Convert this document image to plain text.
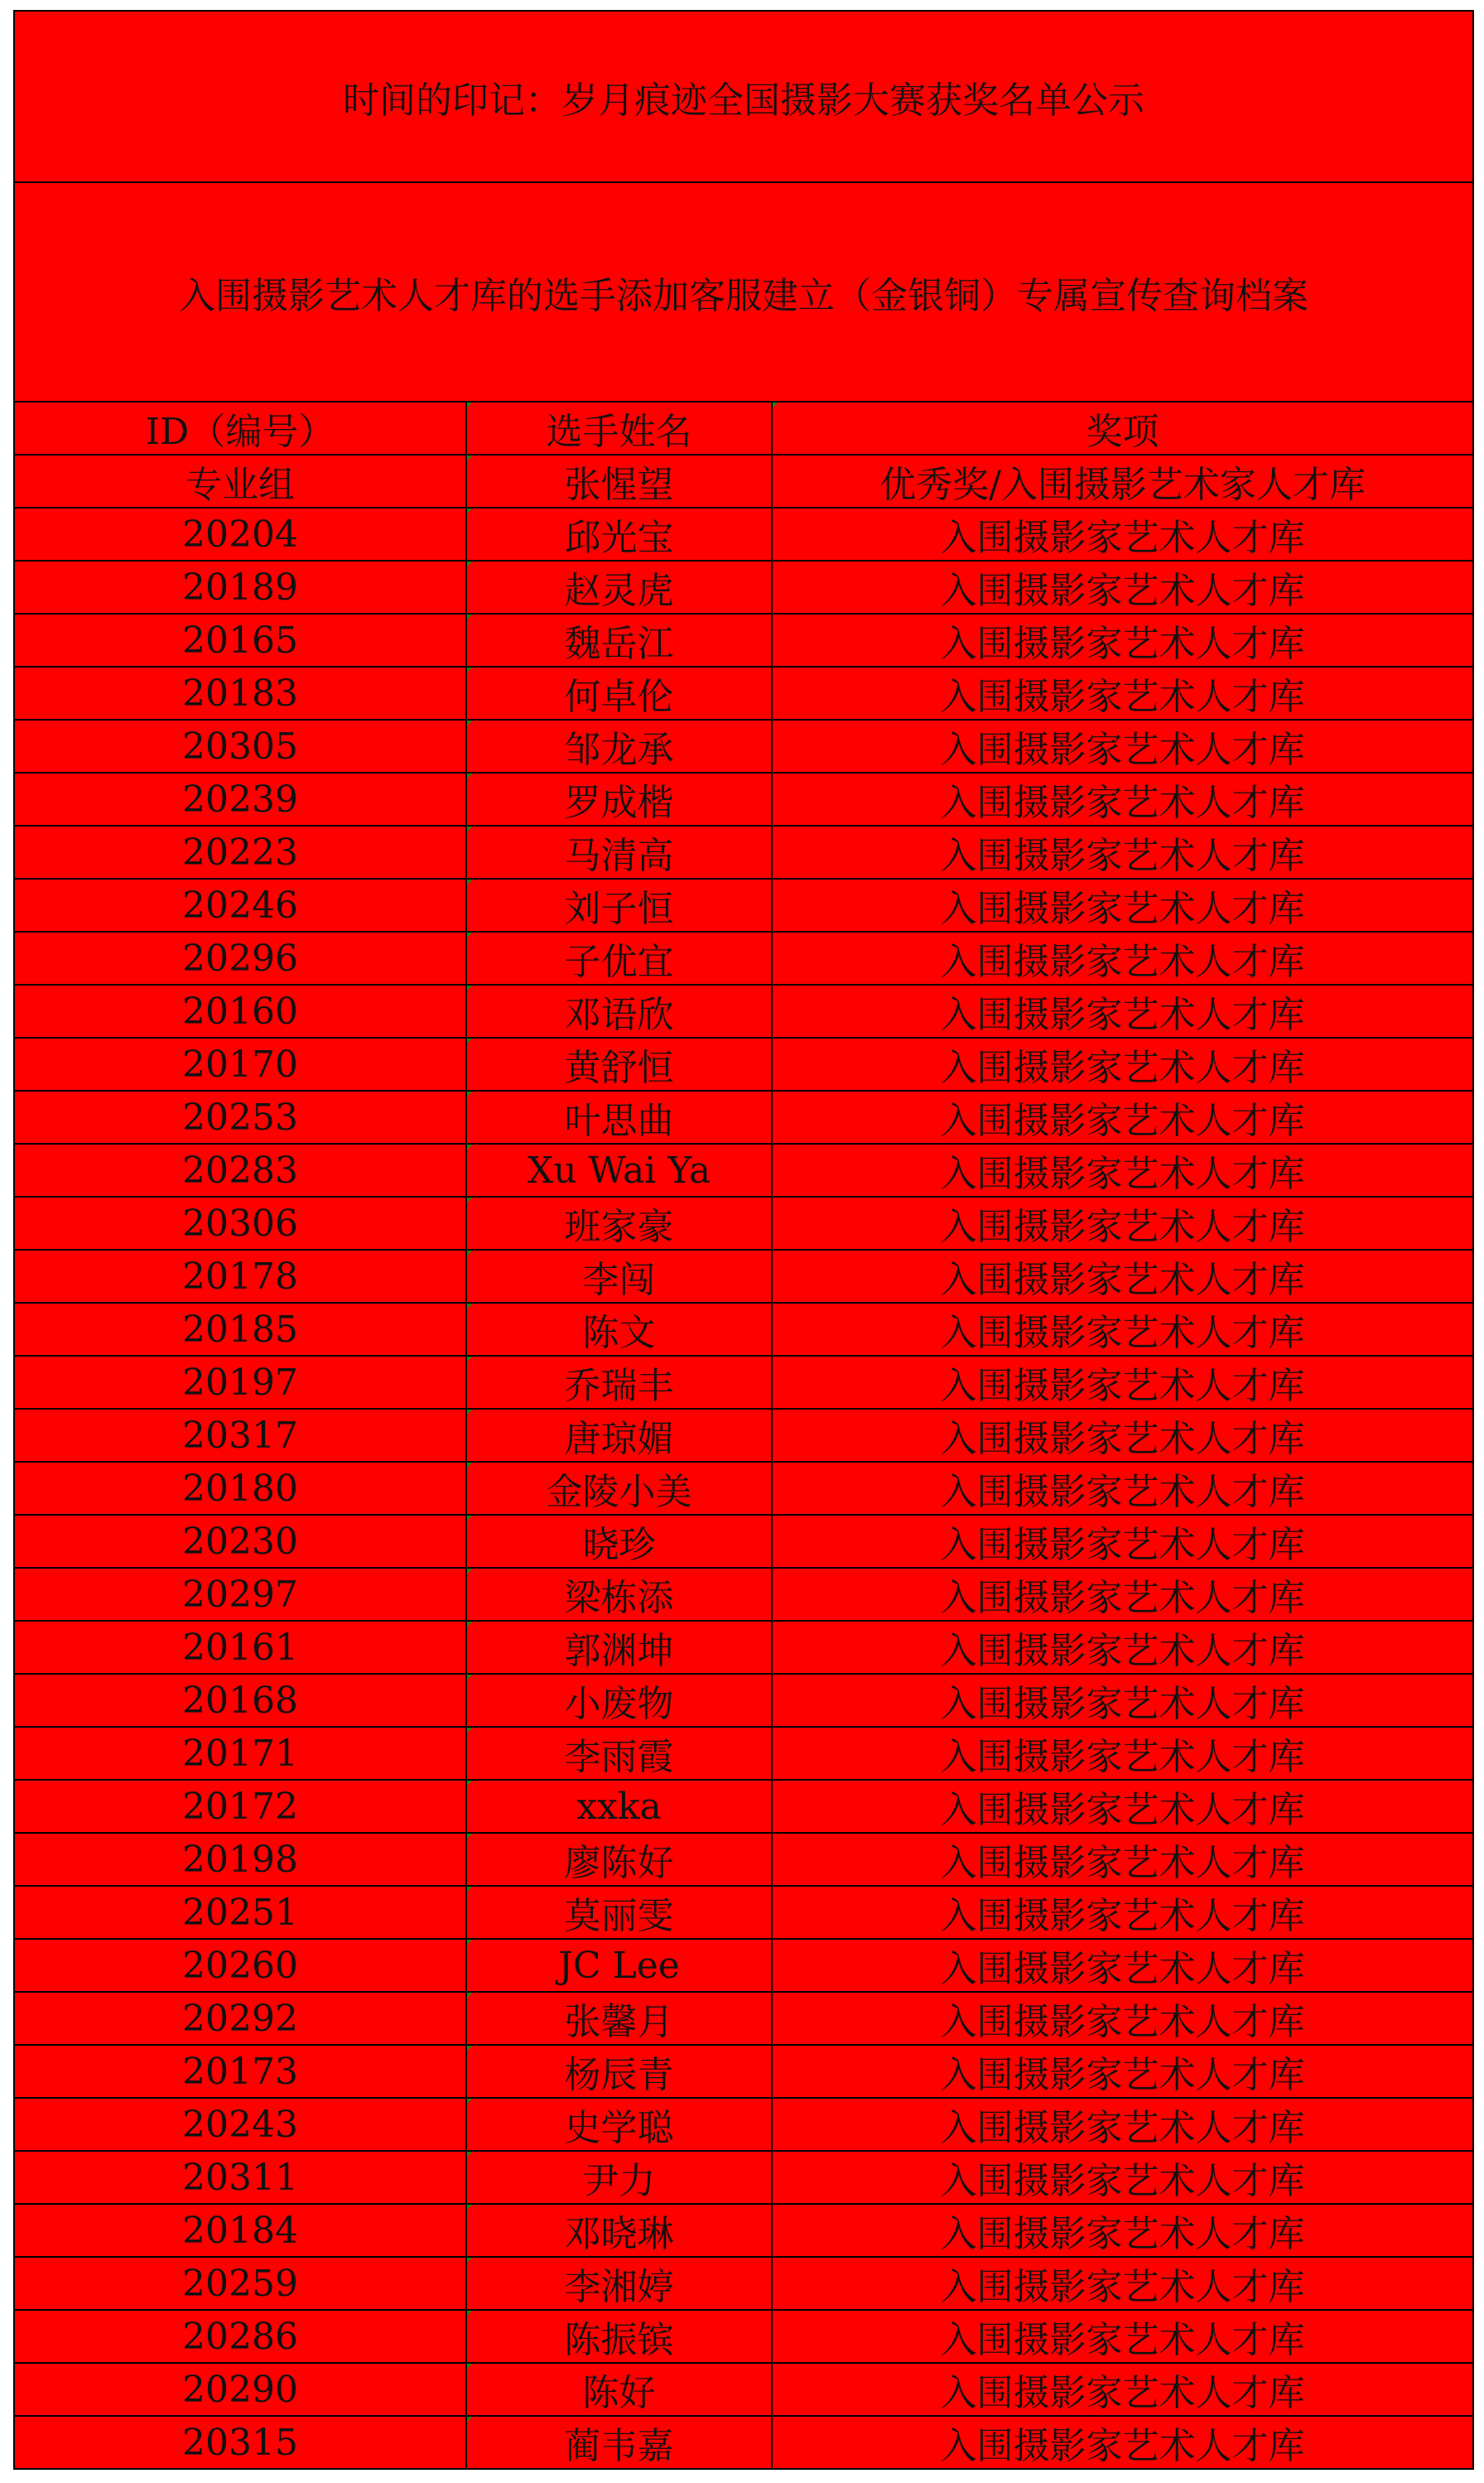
时间的印记：岁月痕迹全国摄影大赛获奖名单公示
入围摄影艺术人才库的选手添加客服建立（金银铜）专属宣传查询档案
ID（编号）	选手姓名	奖项
专业组	张惺望	优秀奖/入围摄影艺术家人才库
20204	邱光宝	入围摄影家艺术人才库
20189	赵灵虎	入围摄影家艺术人才库
20165	魏岳江	入围摄影家艺术人才库
20183	何卓伦	入围摄影家艺术人才库
20305	邹龙承	入围摄影家艺术人才库
20239	罗成楷	入围摄影家艺术人才库
20223	马清高	入围摄影家艺术人才库
20246	刘子恒	入围摄影家艺术人才库
20296	子优宜	入围摄影家艺术人才库
20160	邓语欣	入围摄影家艺术人才库
20170	黄舒恒	入围摄影家艺术人才库
20253	叶思曲	入围摄影家艺术人才库
20283	Xu Wai Ya	入围摄影家艺术人才库
20306	班家豪	入围摄影家艺术人才库
20178	李闯	入围摄影家艺术人才库
20185	陈文	入围摄影家艺术人才库
20197	乔瑞丰	入围摄影家艺术人才库
20317	唐琼媚	入围摄影家艺术人才库
20180	金陵小美	入围摄影家艺术人才库
20230	晓珍	入围摄影家艺术人才库
20297	梁栋添	入围摄影家艺术人才库
20161	郭渊坤	入围摄影家艺术人才库
20168	小废物	入围摄影家艺术人才库
20171	李雨霞	入围摄影家艺术人才库
20172	xxka	入围摄影家艺术人才库
20198	廖陈好	入围摄影家艺术人才库
20251	莫丽雯	入围摄影家艺术人才库
20260	JC Lee	入围摄影家艺术人才库
20292	张馨月	入围摄影家艺术人才库
20173	杨辰青	入围摄影家艺术人才库
20243	史学聪	入围摄影家艺术人才库
20311	尹力	入围摄影家艺术人才库
20184	邓晓琳	入围摄影家艺术人才库
20259	李湘婷	入围摄影家艺术人才库
20286	陈振镔	入围摄影家艺术人才库
20290	陈好	入围摄影家艺术人才库
20315	蔺韦嘉	入围摄影家艺术人才库
